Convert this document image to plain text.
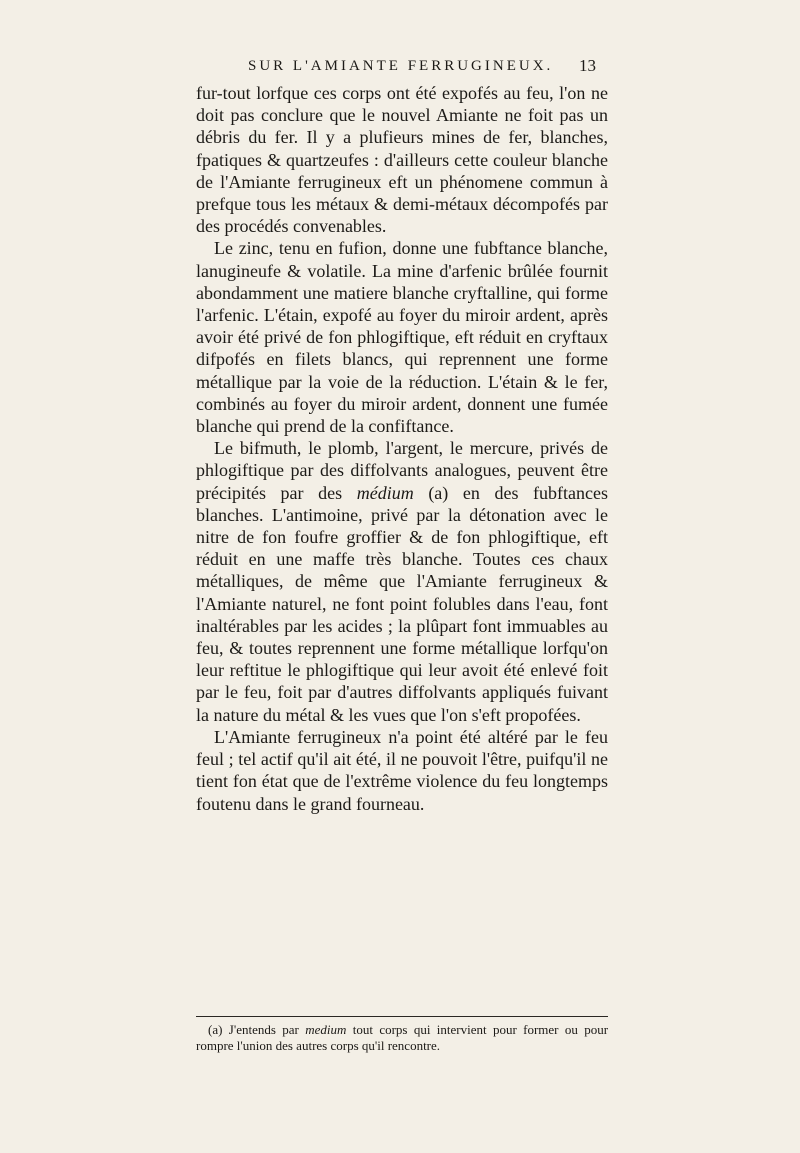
SUR L'AMIANTE FERRUGINEUX.	13

fur-tout lorfque ces corps ont été expofés au feu, l'on ne doit pas conclure que le nouvel Amiante ne foit pas un débris du fer. Il y a plufieurs mines de fer, blanches, fpatiques & quartzeufes : d'ailleurs cette couleur blanche de l'Amiante ferrugineux eft un phénomene commun à prefque tous les métaux & demi-métaux décompofés par des procédés convenables.

Le zinc, tenu en fufion, donne une fubftance blanche, lanugineufe & volatile. La mine d'arfenic brûlée fournit abondamment une matiere blanche cryftalline, qui forme l'arfenic. L'étain, expofé au foyer du miroir ardent, après avoir été privé de fon phlogiftique, eft réduit en cryftaux difpofés en filets blancs, qui reprennent une forme métallique par la voie de la réduction. L'étain & le fer, combinés au foyer du miroir ardent, donnent une fumée blanche qui prend de la confiftance.

Le bifmuth, le plomb, l'argent, le mercure, privés de phlogiftique par des diffolvants analogues, peuvent être précipités par des médium (a) en des fubftances blanches. L'antimoine, privé par la détonation avec le nitre de fon foufre groffier & de fon phlogiftique, eft réduit en une maffe très blanche. Toutes ces chaux métalliques, de même que l'Amiante ferrugineux & l'Amiante naturel, ne font point folubles dans l'eau, font inaltérables par les acides ; la plûpart font immuables au feu, & toutes reprennent une forme métallique lorfqu'on leur reftitue le phlogiftique qui leur avoit été enlevé foit par le feu, foit par d'autres diffolvants appliqués fuivant la nature du métal & les vues que l'on s'eft propofées.

L'Amiante ferrugineux n'a point été altéré par le feu feul ; tel actif qu'il ait été, il ne pouvoit l'être, puifqu'il ne tient fon état que de l'extrême violence du feu longtemps foutenu dans le grand fourneau.

(a) J'entends par medium tout corps qui intervient pour former ou pour rompre l'union des autres corps qu'il rencontre.
